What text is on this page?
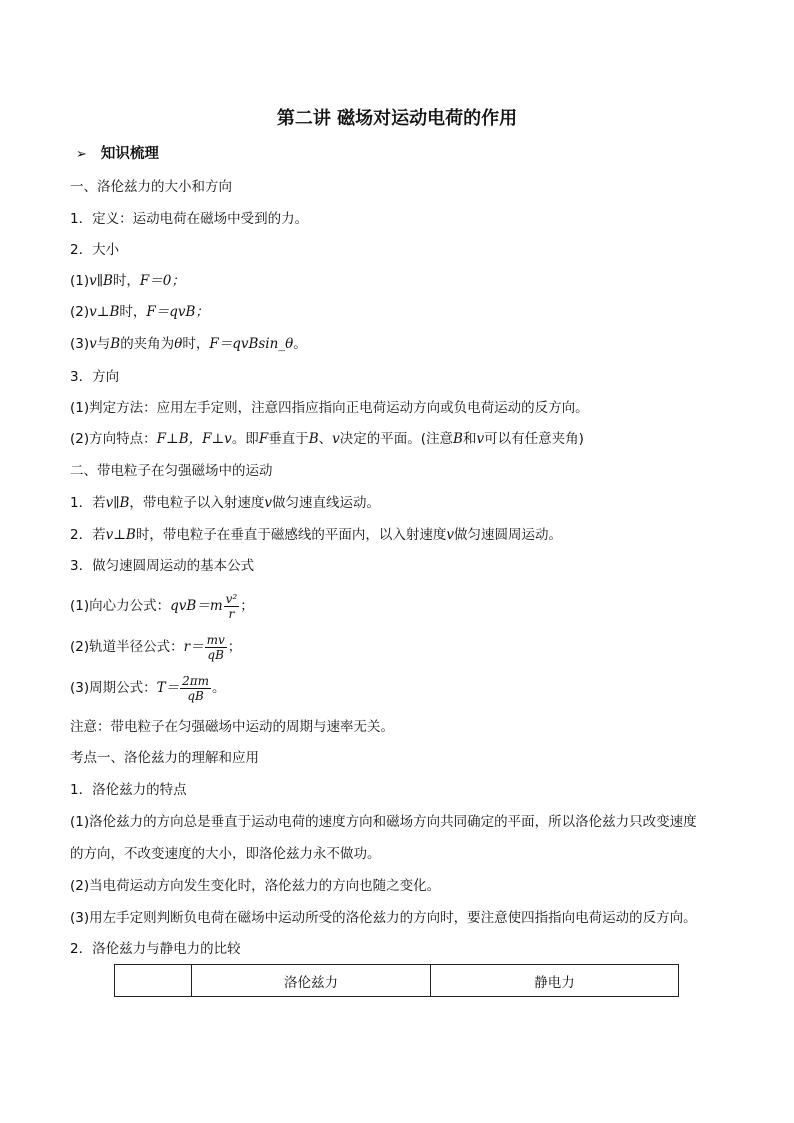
第二讲 磁场对运动电荷的作用
➢ 知识梳理
一、洛伦兹力的大小和方向
1．定义：运动电荷在磁场中受到的力。
2．大小
(1)v∥B时，F＝0；
(2)v⊥B时，F＝qvB；
(3)v与B的夹角为θ时，F＝qvBsin_θ。
3．方向
(1)判定方法：应用左手定则，注意四指应指向正电荷运动方向或负电荷运动的反方向。
(2)方向特点：F⊥B，F⊥v。即F垂直于B、v决定的平面。(注意B和v可以有任意夹角)
二、带电粒子在匀强磁场中的运动
1．若v∥B，带电粒子以入射速度v做匀速直线运动。
2．若v⊥B时，带电粒子在垂直于磁感线的平面内，以入射速度v做匀速圆周运动。
3．做匀速圆周运动的基本公式
(1)向心力公式：$qvB=m \frac{\text{v²}}{r}$ ；
(2)轨道半径公式：$r= \frac{mv}{qB}$ ；
(3)周期公式：$T= \frac{2\pi m}{qB}$ 。
注意：带电粒子在匀强磁场中运动的周期与速率无关。
考点一、洛伦兹力的理解和应用
1．洛伦兹力的特点
(1)洛伦兹力的方向总是垂直于运动电荷的速度方向和磁场方向共同确定的平面，所以洛伦兹力只改变速度
的方向，不改变速度的大小，即洛伦兹力永不做功。
(2)当电荷运动方向发生变化时，洛伦兹力的方向也随之变化。
(3)用左手定则判断负电荷在磁场中运动所受的洛伦兹力的方向时，要注意使四指指向电荷运动的反方向。
2．洛伦兹力与静电力的比较
	洛伦兹力	静电力
